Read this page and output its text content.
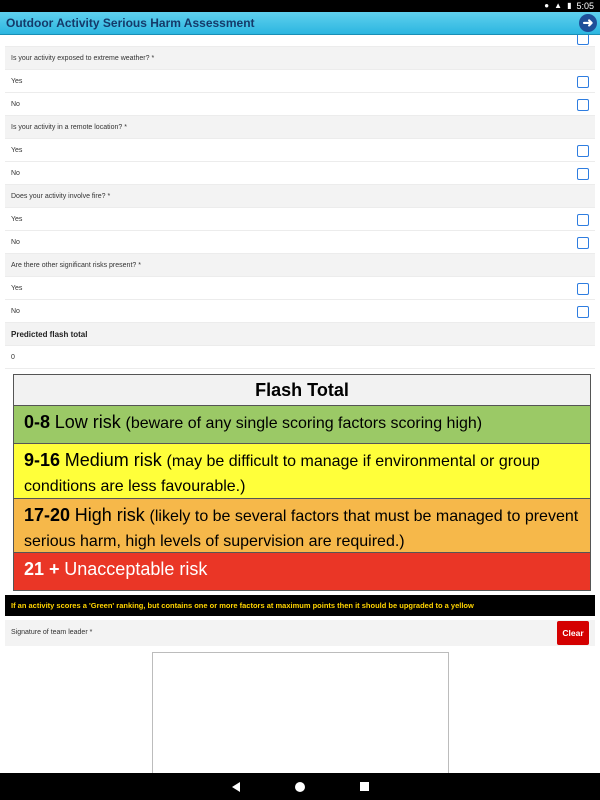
● ▲ ▮ 5:05
Outdoor Activity Serious Harm Assessment	➜
Is your activity exposed to extreme weather? *
Yes
No
Is your activity in a remote location? *
Yes
No
Does your activity involve fire? *
Yes
No
Are there other significant risks present? *
Yes
No
Predicted flash total
0
Flash Total
0-8 Low risk (beware of any single scoring factors scoring high)
9-16 Medium risk (may be difficult to manage if environmental or group conditions are less favourable.)
17-20 High risk (likely to be several factors that must be managed to prevent serious harm, high levels of supervision are required.)
21 + Unacceptable risk
If an activity scores a 'Green' ranking, but contains one or more factors at maximum points then it should be upgraded to a yellow
Signature of team leader *	Clear
